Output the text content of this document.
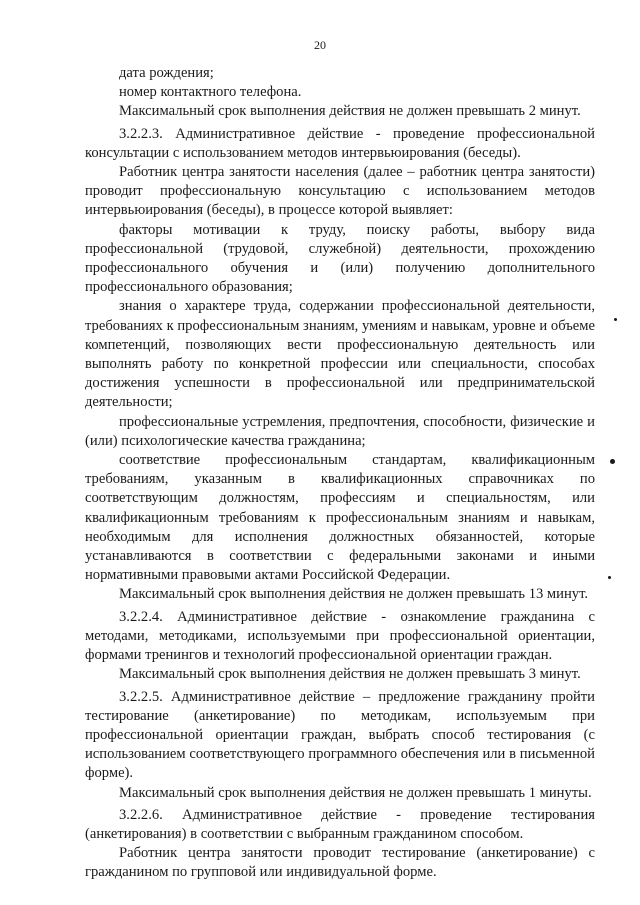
20

дата рождения;

номер контактного телефона.

Максимальный срок выполнения действия не должен превышать 2 минут.

3.2.2.3. Административное действие - проведение профессиональной консультации с использованием методов интервьюирования (беседы).

Работник центра занятости населения (далее – работник центра занятости) проводит профессиональную консультацию с использованием методов интервьюирования (беседы), в процессе которой выявляет:

факторы мотивации к труду, поиску работы, выбору вида профессиональной (трудовой, служебной) деятельности, прохождению профессионального обучения и (или) получению дополнительного профессионального образования;

знания о характере труда, содержании профессиональной деятельности, требованиях к профессиональным знаниям, умениям и навыкам, уровне и объеме компетенций, позволяющих вести профессиональную деятельность или выполнять работу по конкретной профессии или специальности, способах достижения успешности в профессиональной или предпринимательской деятельности;

профессиональные устремления, предпочтения, способности, физические и (или) психологические качества гражданина;

соответствие профессиональным стандартам, квалификационным требованиям, указанным в квалификационных справочниках по соответствующим должностям, профессиям и специальностям, или квалификационным требованиям к профессиональным знаниям и навыкам, необходимым для исполнения должностных обязанностей, которые устанавливаются в соответствии с федеральными законами и иными нормативными правовыми актами Российской Федерации.

Максимальный срок выполнения действия не должен превышать 13 минут.

3.2.2.4. Административное действие - ознакомление гражданина с методами, методиками, используемыми при профессиональной ориентации, формами тренингов и технологий профессиональной ориентации граждан.

Максимальный срок выполнения действия не должен превышать 3 минут.

3.2.2.5. Административное действие – предложение гражданину пройти тестирование (анкетирование) по методикам, используемым при профессиональной ориентации граждан, выбрать способ тестирования (с использованием соответствующего программного обеспечения или в письменной форме).

Максимальный срок выполнения действия не должен превышать 1 минуты.

3.2.2.6. Административное действие - проведение тестирования (анкетирования) в соответствии с выбранным гражданином способом.

Работник центра занятости проводит тестирование (анкетирование) с гражданином по групповой или индивидуальной форме.
